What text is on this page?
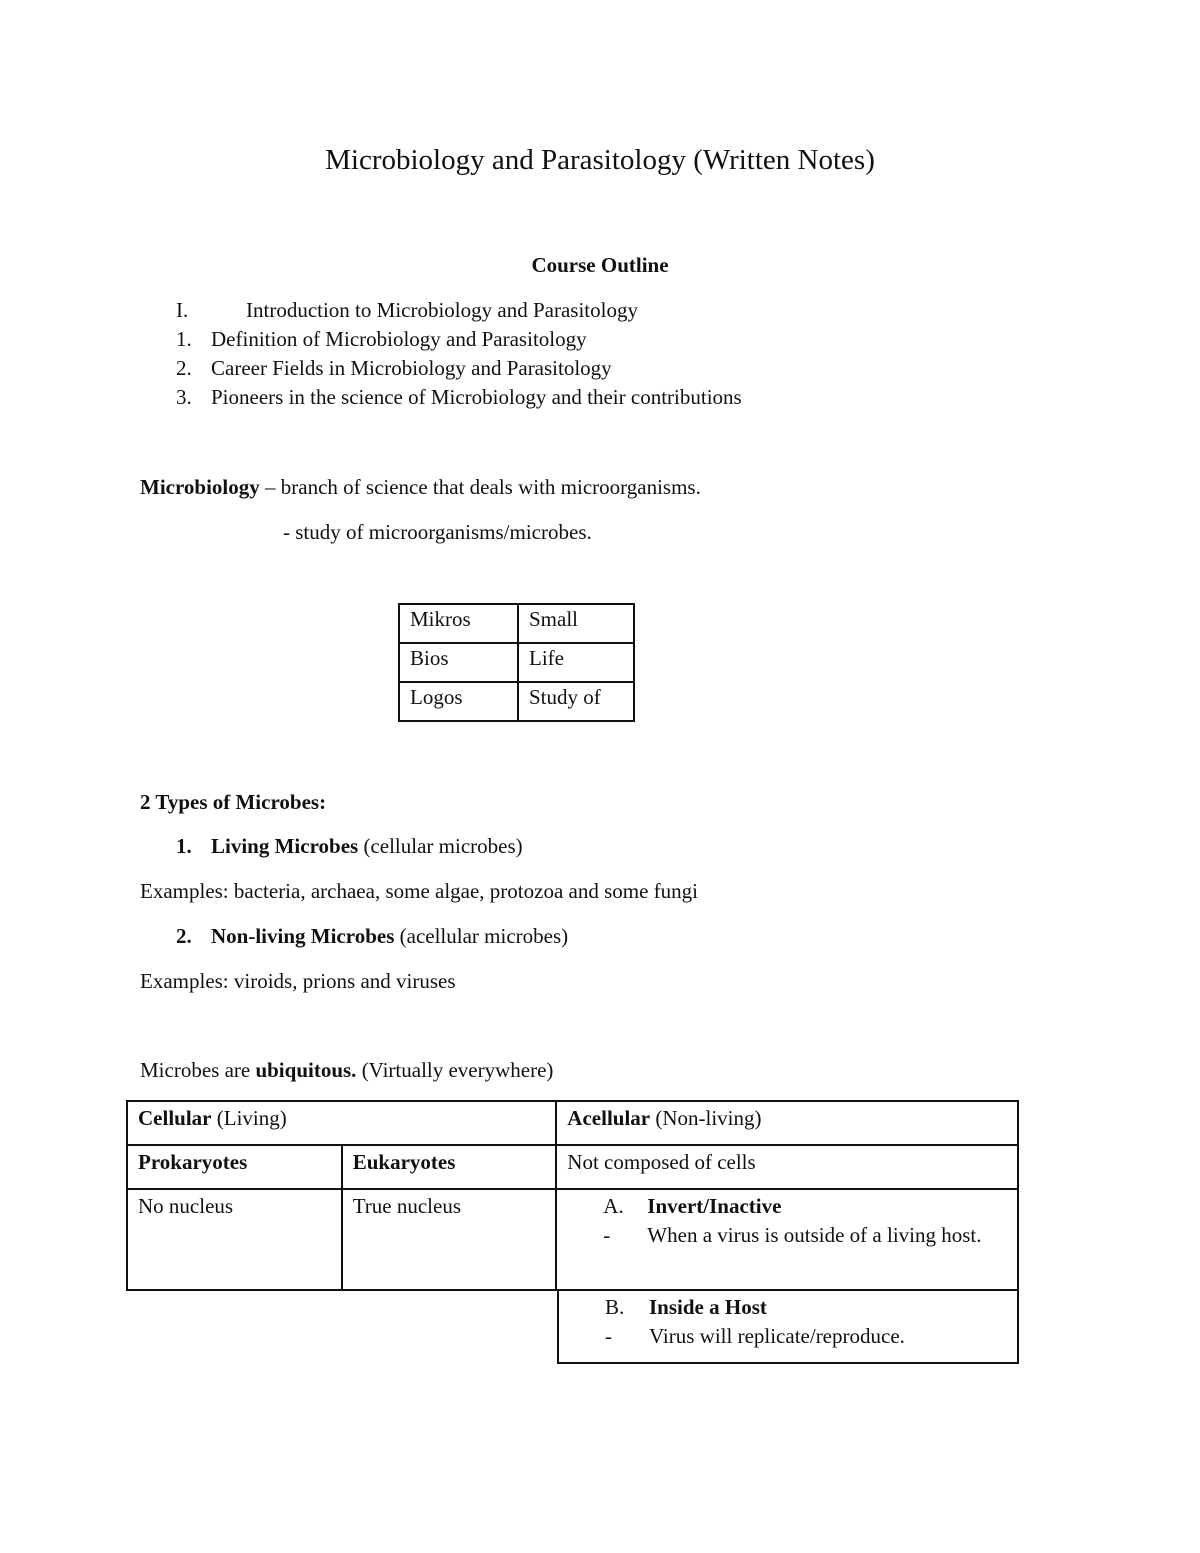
Microbiology and Parasitology (Written Notes)
Course Outline
I.	Introduction to Microbiology and Parasitology
1. Definition of Microbiology and Parasitology
2. Career Fields in Microbiology and Parasitology
3. Pioneers in the science of Microbiology and their contributions
Microbiology – branch of science that deals with microorganisms.
- study of microorganisms/microbes.
Mikros	Small
Bios	Life
Logos	Study of
2 Types of Microbes:
1. Living Microbes (cellular microbes)
Examples: bacteria, archaea, some algae, protozoa and some fungi
2. Non-living Microbes (acellular microbes)
Examples: viroids, prions and viruses
Microbes are ubiquitous. (Virtually everywhere)
Cellular (Living)		Acellular (Non-living)
Prokaryotes	Eukaryotes	Not composed of cells
No nucleus	True nucleus	A. Invert/Inactive
- When a virus is outside of a living host.
B. Inside a Host
- Virus will replicate/reproduce.
